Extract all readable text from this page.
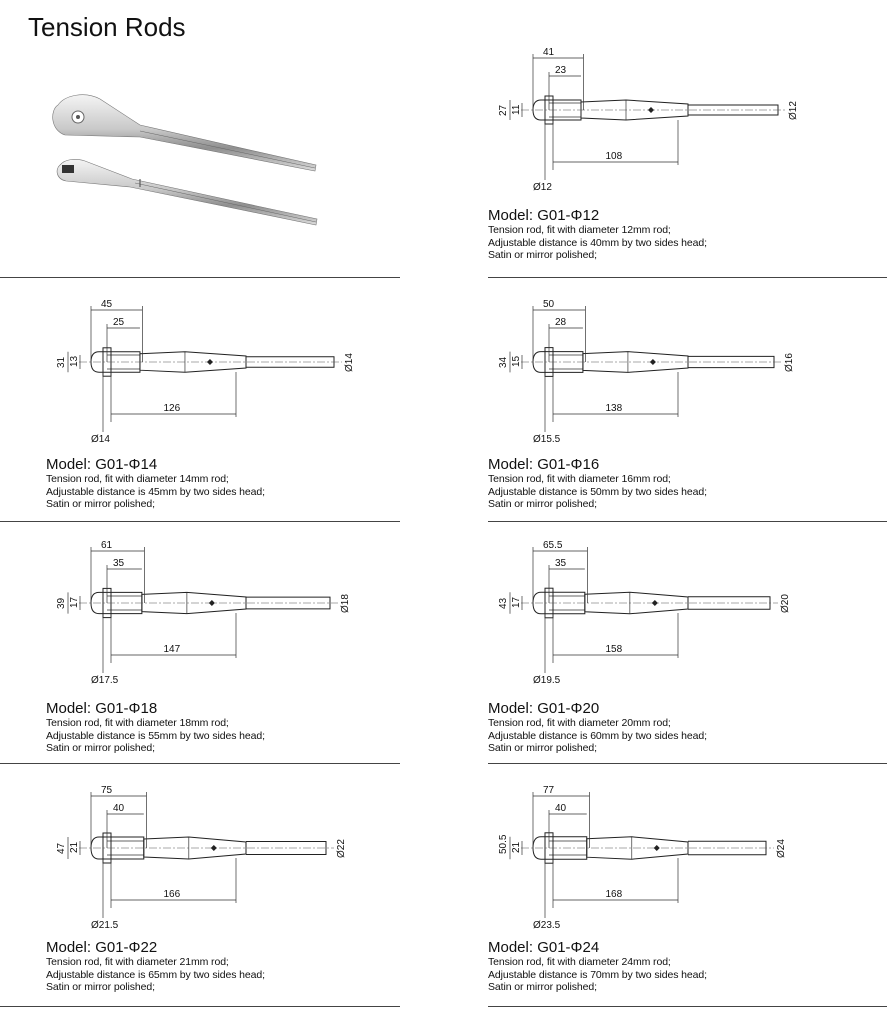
Tension Rods
41
23
27 11
108
Ø12
Ø12

Model: G01-Φ12

Tension rod, fit with diameter 12mm rod;

Adjustable distance is 40mm by two sides head;

Satin or mirror polished;

45
25
31 13
126
Ø14
Ø14

Model: G01-Φ14

Tension rod, fit with diameter 14mm rod;

Adjustable distance is 45mm by two sides head;

Satin or mirror polished;

50
28
34 15
138
Ø15.5
Ø16

Model: G01-Φ16

Tension rod, fit with diameter 16mm rod;

Adjustable distance is 50mm by two sides head;

Satin or mirror polished;

61
35
39 17
147
Ø17.5
Ø18

Model: G01-Φ18

Tension rod, fit with diameter 18mm rod;

Adjustable distance is 55mm by two sides head;

Satin or mirror polished;

65.5
35
43 17
158
Ø19.5
Ø20

Model: G01-Φ20

Tension rod, fit with diameter 20mm rod;

Adjustable distance is 60mm by two sides head;

Satin or mirror polished;

75
40
47 21
166
Ø21.5
Ø22

Model: G01-Φ22

Tension rod, fit with diameter 21mm rod;

Adjustable distance is 65mm by two sides head;

Satin or mirror polished;

77
40
50.5 21
168
Ø23.5
Ø24

Model: G01-Φ24

Tension rod, fit with diameter 24mm rod;

Adjustable distance is 70mm by two sides head;

Satin or mirror polished;
